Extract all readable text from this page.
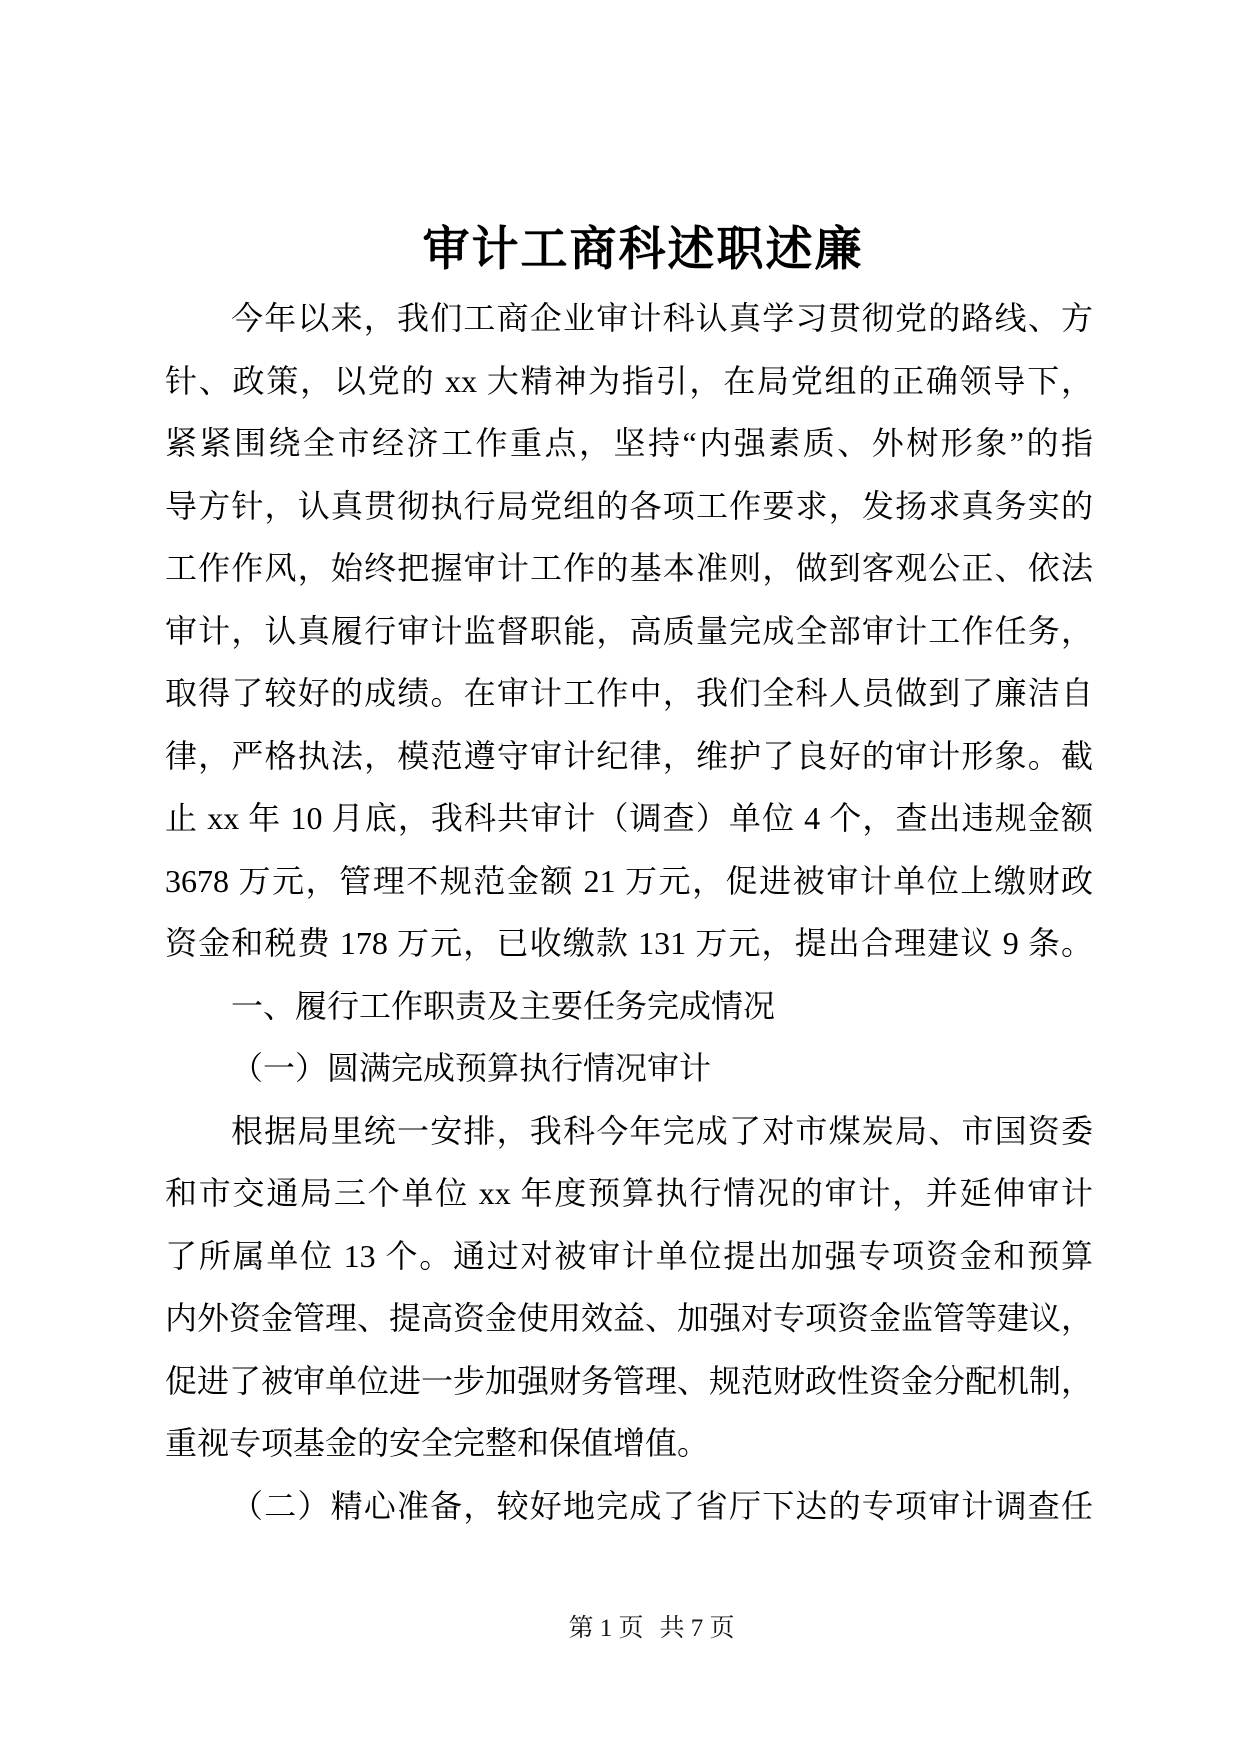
审计工商科述职述廉
今年以来，我们工商企业审计科认真学习贯彻党的路线、方
针、政策，以党的 xx 大精神为指引，在局党组的正确领导下，
紧紧围绕全市经济工作重点，坚持“内强素质、外树形象”的指
导方针，认真贯彻执行局党组的各项工作要求，发扬求真务实的
工作作风，始终把握审计工作的基本准则，做到客观公正、依法
审计，认真履行审计监督职能，高质量完成全部审计工作任务，
取得了较好的成绩。在审计工作中，我们全科人员做到了廉洁自
律，严格执法，模范遵守审计纪律，维护了良好的审计形象。截
止 xx 年 10 月底，我科共审计（调查）单位 4 个，查出违规金额
3678 万元，管理不规范金额 21 万元，促进被审计单位上缴财政
资金和税费 178 万元，已收缴款 131 万元，提出合理建议 9 条。
一、履行工作职责及主要任务完成情况
（一）圆满完成预算执行情况审计
根据局里统一安排，我科今年完成了对市煤炭局、市国资委
和市交通局三个单位 xx 年度预算执行情况的审计，并延伸审计
了所属单位 13 个。通过对被审计单位提出加强专项资金和预算
内外资金管理、提高资金使用效益、加强对专项资金监管等建议，
促进了被审单位进一步加强财务管理、规范财政性资金分配机制，
重视专项基金的安全完整和保值增值。
（二）精心准备，较好地完成了省厅下达的专项审计调查任
第 1 页 共 7 页
